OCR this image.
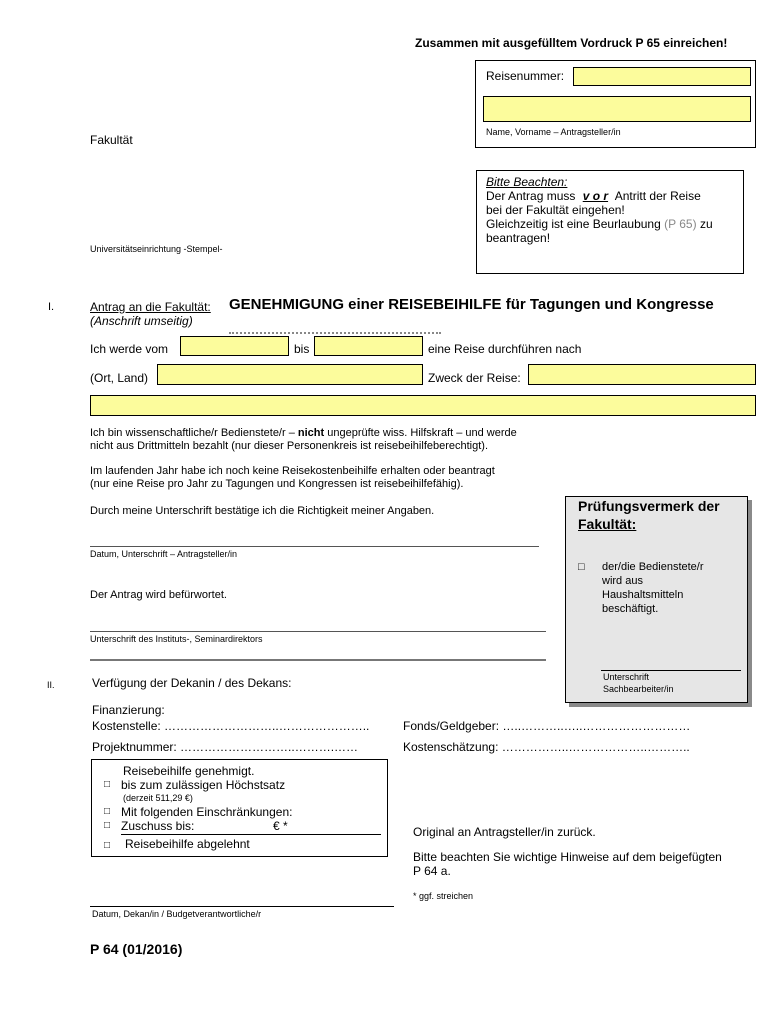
Zusammen mit ausgefülltem Vordruck P 65 einreichen!
Reisenummer:
Name, Vorname – Antragsteller/in
Fakultät
Universitätseinrichtung -Stempel-
Bitte Beachten:
Der Antrag muss v o r Antritt der Reise
bei der Fakultät eingehen!
Gleichzeitig ist eine Beurlaubung (P 65) zu
beantragen!
I.	Antrag an die Fakultät: GENEHMIGUNG einer REISEBEIHILFE für Tagungen und Kongresse
(Anschrift umseitig)
Ich werde vom	bis	eine Reise durchführen nach
(Ort, Land)	Zweck der Reise:
Ich bin wissenschaftliche/r Bedienstete/r – nicht ungeprüfte wiss. Hilfskraft – und werde
nicht aus Drittmitteln bezahlt (nur dieser Personenkreis ist reisebeihilfeberechtigt).
Im laufenden Jahr habe ich noch keine Reisekostenbeihilfe erhalten oder beantragt
(nur eine Reise pro Jahr zu Tagungen und Kongressen ist reisebeihilfefähig).
Durch meine Unterschrift bestätige ich die Richtigkeit meiner Angaben.
Datum, Unterschrift – Antragsteller/in
Der Antrag wird befürwortet.
Unterschrift des Instituts-, Seminardirektors
Prüfungsvermerk der
Fakultät:
□ der/die Bedienstete/r
wird aus
Haushaltsmitteln
beschäftigt.
Unterschrift
Sachbearbeiter/in
II.	Verfügung der Dekanin / des Dekans:
Finanzierung:
Kostenstelle: ………………………..…………………..	Fonds/Geldgeber: …..………..…..………………………
Projektnummer: ………………………..……….……	Kostenschätzung: ……………..………………..………..
Reisebeihilfe genehmigt.
□ bis zum zulässigen Höchstsatz
(derzeit 511,29 €)
□ Mit folgenden Einschränkungen:
□ Zuschuss bis:	€ *
□ Reisebeihilfe abgelehnt
Original an Antragsteller/in zurück.
Bitte beachten Sie wichtige Hinweise auf dem beigefügten
P 64 a.
* ggf. streichen
Datum, Dekan/in / Budgetverantwortliche/r
P 64 (01/2016)
